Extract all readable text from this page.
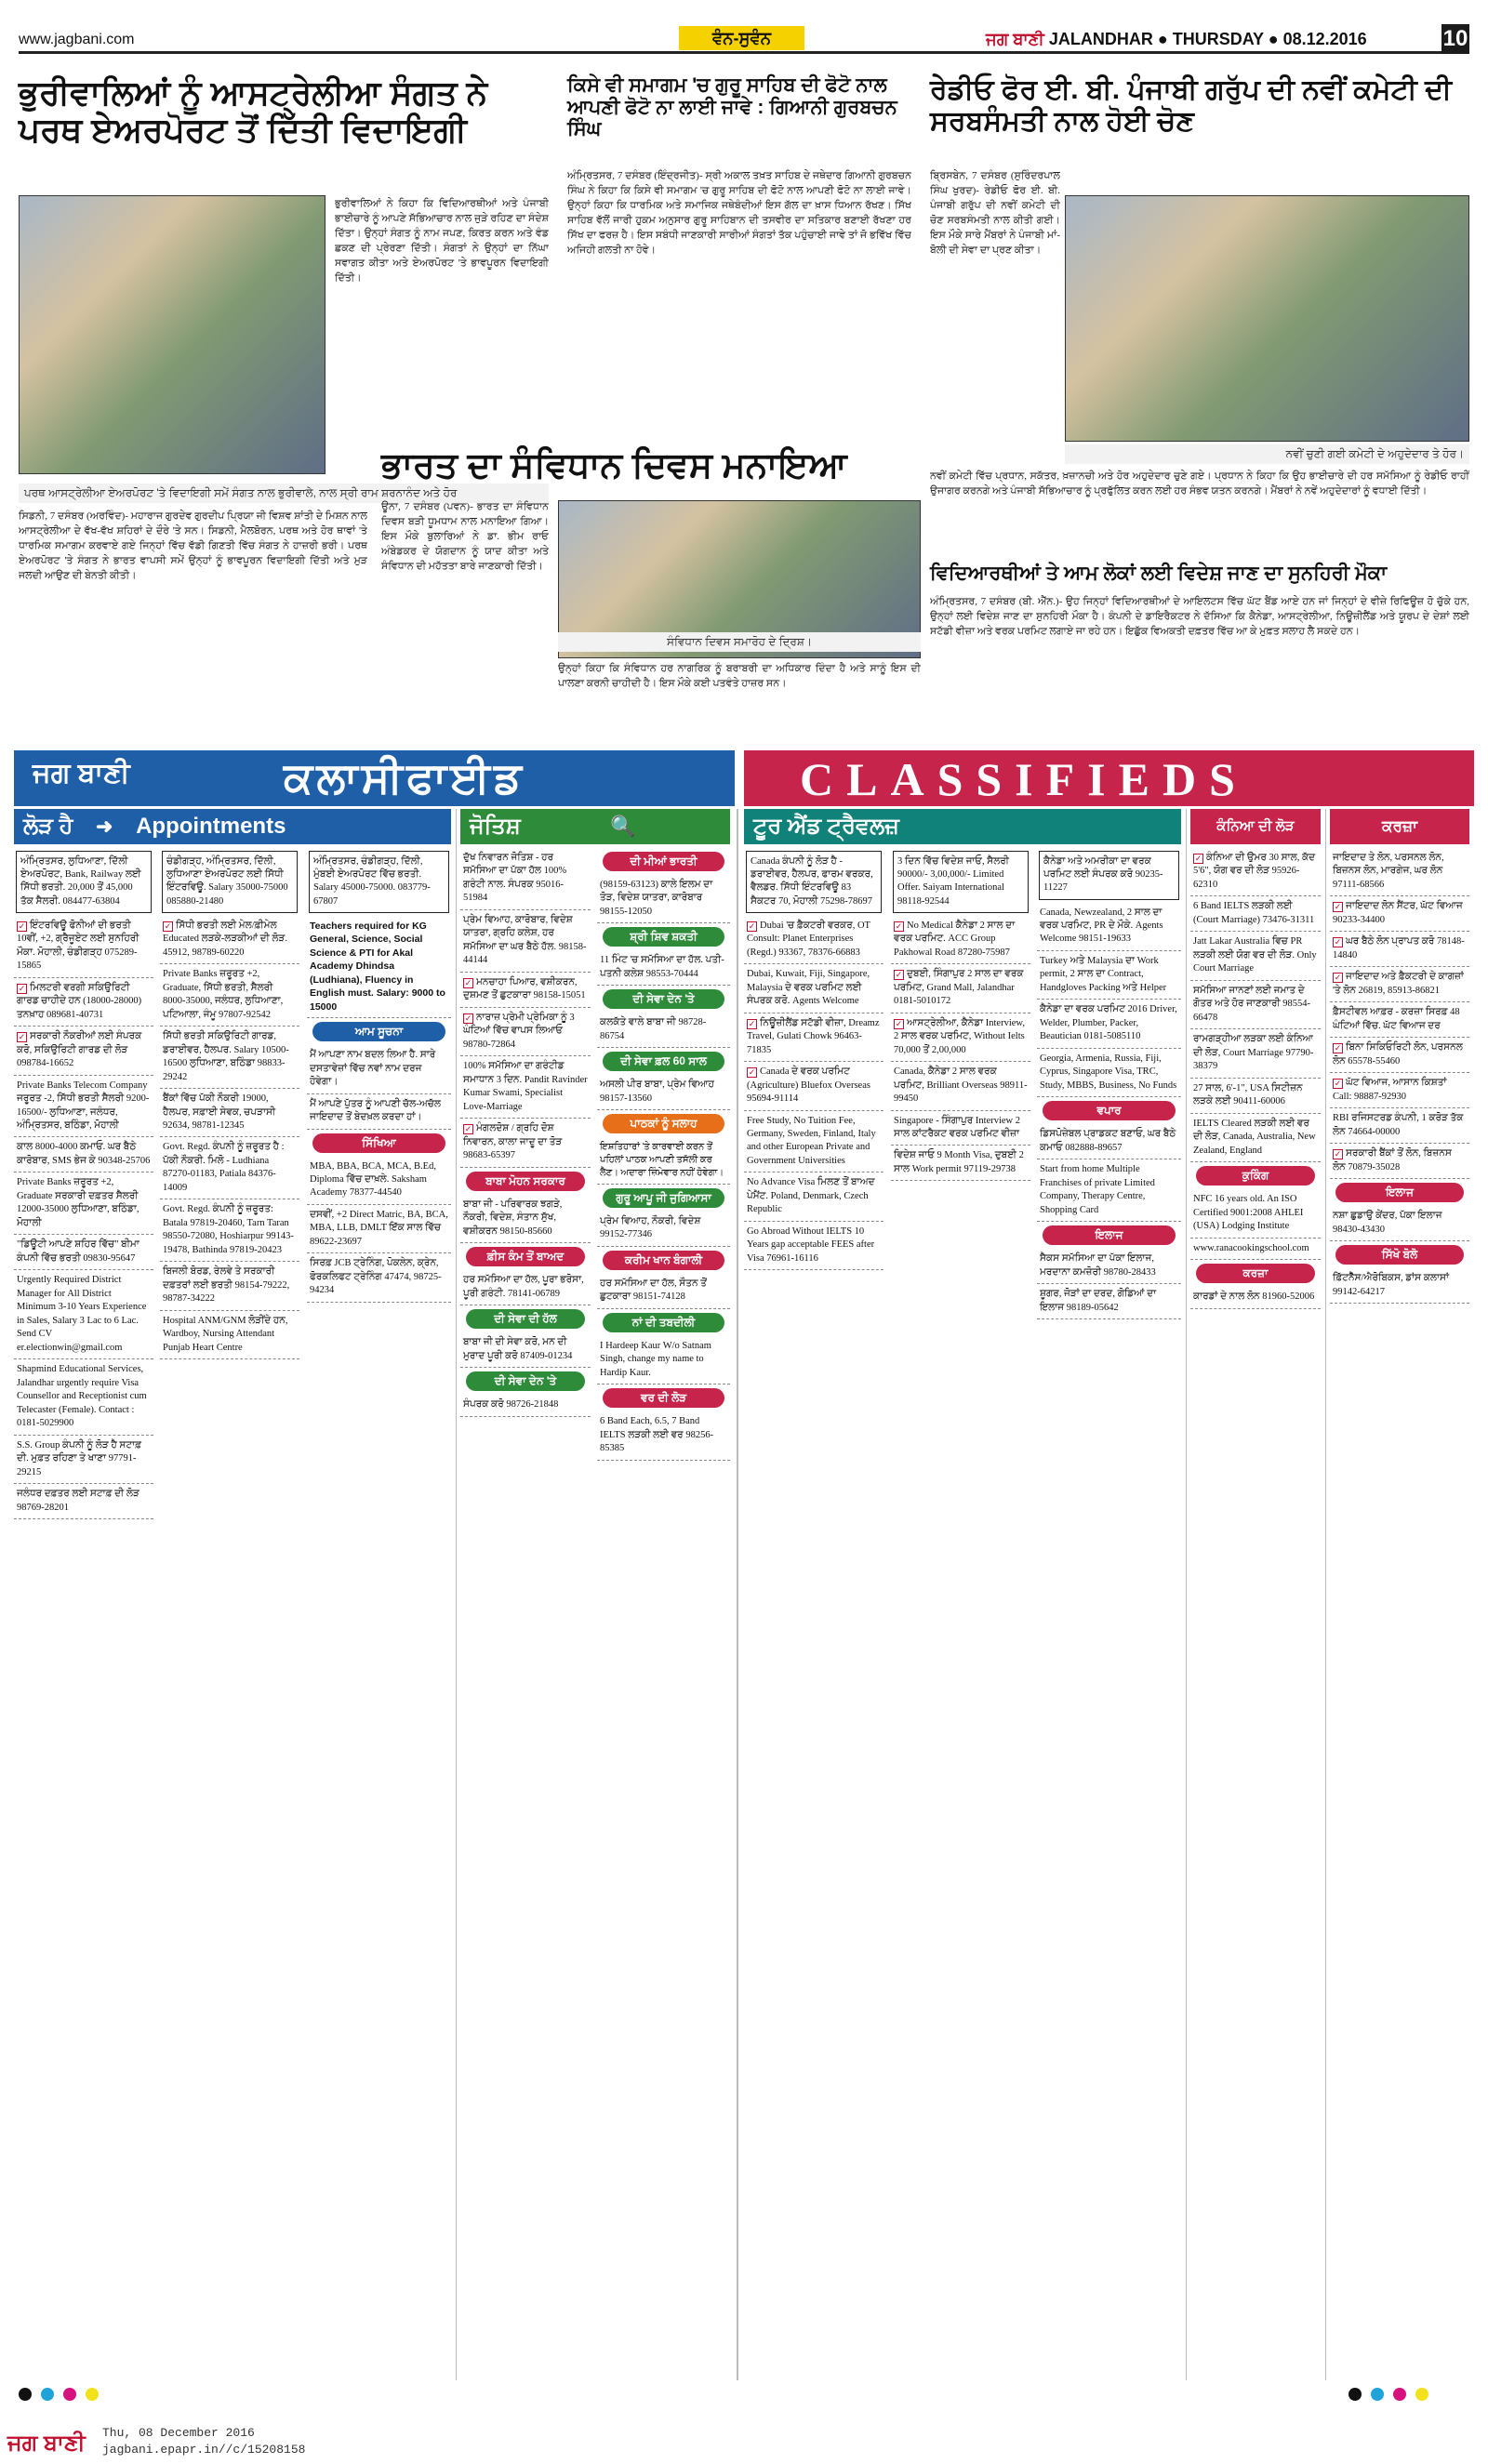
www.jagbani.com	ਵੰਨ-ਸੁਵੰਨ	ਜਗ ਬਾਣੀ JALANDHAR ● THURSDAY ● 08.12.2016	10
ਭੁਰੀਵਾਲਿਆਂ ਨੂੰ ਆਸਟ੍ਰੇਲੀਆ ਸੰਗਤ ਨੇ ਪਰਥ ਏਅਰਪੋਰਟ ਤੋਂ ਦਿੱਤੀ ਵਿਦਾਇਗੀ
ਭੁਰੀਵਾਲਿਆਂ ਨੇ ਕਿਹਾ ਕਿ ਵਿਦਿਆਰਥੀਆਂ ਅਤੇ ਪੰਜਾਬੀ ਭਾਈਚਾਰੇ ਨੂੰ ਆਪਣੇ ਸੱਭਿਆਚਾਰ ਨਾਲ ਜੁੜੇ ਰਹਿਣ ਦਾ ਸੰਦੇਸ਼ ਦਿੱਤਾ। ਉਨ੍ਹਾਂ ਸੰਗਤ ਨੂੰ ਨਾਮ ਜਪਣ, ਕਿਰਤ ਕਰਨ ਅਤੇ ਵੰਡ ਛਕਣ ਦੀ ਪ੍ਰੇਰਣਾ ਦਿੱਤੀ। ਸੰਗਤਾਂ ਨੇ ਉਨ੍ਹਾਂ ਦਾ ਨਿੱਘਾ ਸਵਾਗਤ ਕੀਤਾ ਅਤੇ ਏਅਰਪੋਰਟ 'ਤੇ ਭਾਵਪੂਰਨ ਵਿਦਾਇਗੀ ਦਿੱਤੀ।
ਪਰਥ ਆਸਟ੍ਰੇਲੀਆ ਏਅਰਪੋਰਟ 'ਤੇ ਵਿਦਾਇਗੀ ਸਮੇਂ ਸੰਗਤ ਨਾਲ ਭੁਰੀਵਾਲੇ, ਨਾਲ ਸ੍ਰੀ ਰਾਮ ਸ਼ਰਨਾਨੰਦ ਅਤੇ ਹੋਰ
ਸਿਡਨੀ, 7 ਦਸੰਬਰ (ਅਰਵਿੰਦ)- ਮਹਾਰਾਜ ਗੁਰਦੇਵ ਗੁਰਦੀਪ ਪ੍ਰਿਯਾ ਜੀ ਵਿਸ਼ਵ ਸ਼ਾਂਤੀ ਦੇ ਮਿਸ਼ਨ ਨਾਲ ਆਸਟ੍ਰੇਲੀਆ ਦੇ ਵੱਖ-ਵੱਖ ਸ਼ਹਿਰਾਂ ਦੇ ਦੌਰੇ 'ਤੇ ਸਨ। ਸਿਡਨੀ, ਮੈਲਬੋਰਨ, ਪਰਥ ਅਤੇ ਹੋਰ ਥਾਵਾਂ 'ਤੇ ਧਾਰਮਿਕ ਸਮਾਗਮ ਕਰਵਾਏ ਗਏ ਜਿਨ੍ਹਾਂ ਵਿੱਚ ਵੱਡੀ ਗਿਣਤੀ ਵਿੱਚ ਸੰਗਤ ਨੇ ਹਾਜ਼ਰੀ ਭਰੀ। ਪਰਥ ਏਅਰਪੋਰਟ 'ਤੇ ਸੰਗਤ ਨੇ ਭਾਰਤ ਵਾਪਸੀ ਸਮੇਂ ਉਨ੍ਹਾਂ ਨੂੰ ਭਾਵਪੂਰਨ ਵਿਦਾਇਗੀ ਦਿੱਤੀ ਅਤੇ ਮੁੜ ਜਲਦੀ ਆਉਣ ਦੀ ਬੇਨਤੀ ਕੀਤੀ।
ਕਿਸੇ ਵੀ ਸਮਾਗਮ 'ਚ ਗੁਰੂ ਸਾਹਿਬ ਦੀ ਫੋਟੋ ਨਾਲ ਆਪਣੀ ਫੋਟੋ ਨਾ ਲਾਈ ਜਾਵੇ : ਗਿਆਨੀ ਗੁਰਬਚਨ ਸਿੰਘ
ਅੰਮ੍ਰਿਤਸਰ, 7 ਦਸੰਬਰ (ਇੰਦ੍ਰਜੀਤ)- ਸ੍ਰੀ ਅਕਾਲ ਤਖ਼ਤ ਸਾਹਿਬ ਦੇ ਜਥੇਦਾਰ ਗਿਆਨੀ ਗੁਰਬਚਨ ਸਿੰਘ ਨੇ ਕਿਹਾ ਕਿ ਕਿਸੇ ਵੀ ਸਮਾਗਮ 'ਚ ਗੁਰੂ ਸਾਹਿਬ ਦੀ ਫੋਟੋ ਨਾਲ ਆਪਣੀ ਫੋਟੋ ਨਾ ਲਾਈ ਜਾਵੇ। ਉਨ੍ਹਾਂ ਕਿਹਾ ਕਿ ਧਾਰਮਿਕ ਅਤੇ ਸਮਾਜਿਕ ਜਥੇਬੰਦੀਆਂ ਇਸ ਗੱਲ ਦਾ ਖ਼ਾਸ ਧਿਆਨ ਰੱਖਣ। ਸਿੱਖ ਸਾਹਿਬ ਵੱਲੋਂ ਜਾਰੀ ਹੁਕਮ ਅਨੁਸਾਰ ਗੁਰੂ ਸਾਹਿਬਾਨ ਦੀ ਤਸਵੀਰ ਦਾ ਸਤਿਕਾਰ ਬਣਾਈ ਰੱਖਣਾ ਹਰ ਸਿੱਖ ਦਾ ਫਰਜ਼ ਹੈ। ਇਸ ਸਬੰਧੀ ਜਾਣਕਾਰੀ ਸਾਰੀਆਂ ਸੰਗਤਾਂ ਤੱਕ ਪਹੁੰਚਾਈ ਜਾਵੇ ਤਾਂ ਜੋ ਭਵਿੱਖ ਵਿੱਚ ਅਜਿਹੀ ਗਲਤੀ ਨਾ ਹੋਵੇ।
ਰੇਡੀਓ ਫੋਰ ਈ. ਬੀ. ਪੰਜਾਬੀ ਗਰੁੱਪ ਦੀ ਨਵੀਂ ਕਮੇਟੀ ਦੀ ਸਰਬਸੰਮਤੀ ਨਾਲ ਹੋਈ ਚੋਣ
ਬ੍ਰਿਸਬੇਨ, 7 ਦਸੰਬਰ (ਸੁਰਿੰਦਰਪਾਲ ਸਿੰਘ ਖੁਰਦ)- ਰੇਡੀਓ ਫੋਰ ਈ. ਬੀ. ਪੰਜਾਬੀ ਗਰੁੱਪ ਦੀ ਨਵੀਂ ਕਮੇਟੀ ਦੀ ਚੋਣ ਸਰਬਸੰਮਤੀ ਨਾਲ ਕੀਤੀ ਗਈ। ਇਸ ਮੌਕੇ ਸਾਰੇ ਮੈਂਬਰਾਂ ਨੇ ਪੰਜਾਬੀ ਮਾਂ-ਬੋਲੀ ਦੀ ਸੇਵਾ ਦਾ ਪ੍ਰਣ ਕੀਤਾ।
ਨਵੀਂ ਚੁਣੀ ਗਈ ਕਮੇਟੀ ਦੇ ਅਹੁਦੇਦਾਰ ਤੇ ਹੋਰ।
ਨਵੀਂ ਕਮੇਟੀ ਵਿੱਚ ਪ੍ਰਧਾਨ, ਸਕੱਤਰ, ਖ਼ਜ਼ਾਨਚੀ ਅਤੇ ਹੋਰ ਅਹੁਦੇਦਾਰ ਚੁਣੇ ਗਏ। ਪ੍ਰਧਾਨ ਨੇ ਕਿਹਾ ਕਿ ਉਹ ਭਾਈਚਾਰੇ ਦੀ ਹਰ ਸਮੱਸਿਆ ਨੂੰ ਰੇਡੀਓ ਰਾਹੀਂ ਉਜਾਗਰ ਕਰਨਗੇ ਅਤੇ ਪੰਜਾਬੀ ਸੱਭਿਆਚਾਰ ਨੂੰ ਪ੍ਰਫੁੱਲਿਤ ਕਰਨ ਲਈ ਹਰ ਸੰਭਵ ਯਤਨ ਕਰਨਗੇ। ਮੈਂਬਰਾਂ ਨੇ ਨਵੇਂ ਅਹੁਦੇਦਾਰਾਂ ਨੂੰ ਵਧਾਈ ਦਿੱਤੀ।
ਭਾਰਤ ਦਾ ਸੰਵਿਧਾਨ ਦਿਵਸ ਮਨਾਇਆ
ਊਨਾ, 7 ਦਸੰਬਰ (ਪਵਨ)- ਭਾਰਤ ਦਾ ਸੰਵਿਧਾਨ ਦਿਵਸ ਬੜੀ ਧੂਮਧਾਮ ਨਾਲ ਮਨਾਇਆ ਗਿਆ। ਇਸ ਮੌਕੇ ਬੁਲਾਰਿਆਂ ਨੇ ਡਾ. ਭੀਮ ਰਾਓ ਅੰਬੇਡਕਰ ਦੇ ਯੋਗਦਾਨ ਨੂੰ ਯਾਦ ਕੀਤਾ ਅਤੇ ਸੰਵਿਧਾਨ ਦੀ ਮਹੱਤਤਾ ਬਾਰੇ ਜਾਣਕਾਰੀ ਦਿੱਤੀ।
ਸੰਵਿਧਾਨ ਦਿਵਸ ਸਮਾਰੋਹ ਦੇ ਦ੍ਰਿਸ਼।
ਉਨ੍ਹਾਂ ਕਿਹਾ ਕਿ ਸੰਵਿਧਾਨ ਹਰ ਨਾਗਰਿਕ ਨੂੰ ਬਰਾਬਰੀ ਦਾ ਅਧਿਕਾਰ ਦਿੰਦਾ ਹੈ ਅਤੇ ਸਾਨੂੰ ਇਸ ਦੀ ਪਾਲਣਾ ਕਰਨੀ ਚਾਹੀਦੀ ਹੈ। ਇਸ ਮੌਕੇ ਕਈ ਪਤਵੰਤੇ ਹਾਜ਼ਰ ਸਨ।
ਵਿਦਿਆਰਥੀਆਂ ਤੇ ਆਮ ਲੋਕਾਂ ਲਈ ਵਿਦੇਸ਼ ਜਾਣ ਦਾ ਸੁਨਹਿਰੀ ਮੌਕਾ
ਅੰਮ੍ਰਿਤਸਰ, 7 ਦਸੰਬਰ (ਬੀ. ਐੱਨ.)- ਉਹ ਜਿਨ੍ਹਾਂ ਵਿਦਿਆਰਥੀਆਂ ਦੇ ਆਇਲਟਸ ਵਿੱਚ ਘੱਟ ਬੈਂਡ ਆਏ ਹਨ ਜਾਂ ਜਿਨ੍ਹਾਂ ਦੇ ਵੀਜ਼ੇ ਰਿਫਿਊਜ਼ ਹੋ ਚੁੱਕੇ ਹਨ, ਉਨ੍ਹਾਂ ਲਈ ਵਿਦੇਸ਼ ਜਾਣ ਦਾ ਸੁਨਹਿਰੀ ਮੌਕਾ ਹੈ। ਕੰਪਨੀ ਦੇ ਡਾਇਰੈਕਟਰ ਨੇ ਦੱਸਿਆ ਕਿ ਕੈਨੇਡਾ, ਆਸਟ੍ਰੇਲੀਆ, ਨਿਊਜ਼ੀਲੈਂਡ ਅਤੇ ਯੂਰਪ ਦੇ ਦੇਸ਼ਾਂ ਲਈ ਸਟੱਡੀ ਵੀਜ਼ਾ ਅਤੇ ਵਰਕ ਪਰਮਿਟ ਲਗਾਏ ਜਾ ਰਹੇ ਹਨ। ਇਛੁੱਕ ਵਿਅਕਤੀ ਦਫ਼ਤਰ ਵਿੱਚ ਆ ਕੇ ਮੁਫ਼ਤ ਸਲਾਹ ਲੈ ਸਕਦੇ ਹਨ।
ਜਗ ਬਾਣੀ	ਕਲਾਸੀਫਾਈਡ	CLASSIFIEDS
ਲੋੜ ਹੈ ➜ Appointments	ਜੋਤਿਸ਼	🔍	ਟੂਰ ਐਂਡ ਟ੍ਰੈਵਲਜ਼	ਕੰਨਿਆ ਦੀ ਲੋੜ	ਕਰਜ਼ਾ
ਅੰਮ੍ਰਿਤਸਰ, ਲੁਧਿਆਣਾ, ਦਿੱਲੀ ਏਅਰਪੋਰਟ, Bank, Railway ਲਈ ਸਿੱਧੀ ਭਰਤੀ. 20,000 ਤੋਂ 45,000 ਤੱਕ ਸੈਲਰੀ. 084477-63804
✓ ਇੰਟਰਵਿਊ ਫੋਨੀਆਂ ਦੀ ਭਰਤੀ 10ਵੀਂ, +2, ਗ੍ਰੈਜੂਏਟ ਲਈ ਸੁਨਹਿਰੀ ਮੌਕਾ. ਮੋਹਾਲੀ, ਚੰਡੀਗੜ੍ਹ 075289-15865
✓ ਮਿਲਟਰੀ ਵਰਗੀ ਸਕਿਉਰਿਟੀ ਗਾਰਡ ਚਾਹੀਦੇ ਹਨ (18000-28000) ਤਨਖ਼ਾਹ 089681-40731
✓ ਸਰਕਾਰੀ ਨੌਕਰੀਆਂ ਲਈ ਸੰਪਰਕ ਕਰੋ, ਸਕਿਉਰਿਟੀ ਗਾਰਡ ਦੀ ਲੋੜ 098784-16652
Private Banks Telecom Company ਜਰੂਰਤ -2, ਸਿੱਧੀ ਭਰਤੀ ਸੈਲਰੀ 9200-16500/- ਲੁਧਿਆਣਾ, ਜਲੰਧਰ, ਅੰਮ੍ਰਿਤਸਰ, ਬਠਿੰਡਾ, ਮੋਹਾਲੀ
ਕਾਲ 8000-4000 ਕਮਾਓ. ਘਰ ਬੈਠੇ ਕਾਰੋਬਾਰ, SMS ਭੇਜ ਕੇ 90348-25706
Private Banks ਜ਼ਰੂਰਤ +2, Graduate ਸਰਕਾਰੀ ਦਫ਼ਤਰ ਸੈਲਰੀ 12000-35000 ਲੁਧਿਆਣਾ, ਬਠਿੰਡਾ, ਮੋਹਾਲੀ
"ਡਿਊਟੀ ਆਪਣੇ ਸ਼ਹਿਰ ਵਿੱਚ" ਬੀਮਾ ਕੰਪਨੀ ਵਿੱਚ ਭਰਤੀ 09830-95647
Urgently Required District Manager for All District Minimum 3-10 Years Experience in Sales, Salary 3 Lac to 6 Lac. Send CV er.electionwin@gmail.com
Shapmind Educational Services, Jalandhar urgently require Visa Counsellor and Receptionist cum Telecaster (Female). Contact : 0181-5029900
S.S. Group ਕੰਪਨੀ ਨੂੰ ਲੋੜ ਹੈ ਸਟਾਫ਼ ਦੀ. ਮੁਫ਼ਤ ਰਹਿਣਾ ਤੇ ਖਾਣਾ 97791-29215
ਜਲੰਧਰ ਦਫ਼ਤਰ ਲਈ ਸਟਾਫ਼ ਦੀ ਲੋੜ 98769-28201
ਚੰਡੀਗੜ੍ਹ, ਅੰਮ੍ਰਿਤਸਰ, ਦਿੱਲੀ, ਲੁਧਿਆਣਾ ਏਅਰਪੋਰਟ ਲਈ ਸਿੱਧੀ ਇੰਟਰਵਿਊ. Salary 35000-75000 085880-21480
✓ ਸਿੱਧੀ ਭਰਤੀ ਲਈ ਮੇਲ/ਫ਼ੀਮੇਲ Educated ਲੜਕੇ-ਲੜਕੀਆਂ ਦੀ ਲੋੜ. 45912, 98789-60220
Private Banks ਜ਼ਰੂਰਤ +2, Graduate, ਸਿੱਧੀ ਭਰਤੀ, ਸੈਲਰੀ 8000-35000, ਜਲੰਧਰ, ਲੁਧਿਆਣਾ, ਪਟਿਆਲਾ, ਜੰਮੂ 97807-92542
ਸਿੱਧੀ ਭਰਤੀ ਸਕਿਉਰਿਟੀ ਗਾਰਡ, ਡਰਾਈਵਰ, ਹੈਲਪਰ. Salary 10500-16500 ਲੁਧਿਆਣਾ, ਬਠਿੰਡਾ 98833-29242
ਬੈਂਕਾਂ ਵਿੱਚ ਪੱਕੀ ਨੌਕਰੀ 19000, ਹੈਲਪਰ, ਸਫ਼ਾਈ ਸੇਵਕ, ਚਪੜਾਸੀ 92634, 98781-12345
Govt. Regd. ਕੰਪਨੀ ਨੂੰ ਜ਼ਰੂਰਤ ਹੈ : ਪੱਕੀ ਨੌਕਰੀ. ਮਿਲੋ - Ludhiana 87270-01183, Patiala 84376-14009
Govt. Regd. ਕੰਪਨੀ ਨੂੰ ਜ਼ਰੂਰਤ: Batala 97819-20460, Tarn Taran 98550-72080, Hoshiarpur 99143-19478, Bathinda 97819-20423
ਬਿਜਲੀ ਬੋਰਡ, ਰੇਲਵੇ ਤੇ ਸਰਕਾਰੀ ਦਫ਼ਤਰਾਂ ਲਈ ਭਰਤੀ 98154-79222, 98787-34222
Hospital ANM/GNM ਲੋੜੀਂਦੇ ਹਨ, Wardboy, Nursing Attendant Punjab Heart Centre
ਅੰਮ੍ਰਿਤਸਰ, ਚੰਡੀਗੜ੍ਹ, ਦਿੱਲੀ, ਮੁੰਬਈ ਏਅਰਪੋਰਟ ਵਿੱਚ ਭਰਤੀ. Salary 45000-75000. 083779-67807
Teachers required for KG General, Science, Social Science & PTI for Akal Academy Dhindsa (Ludhiana), Fluency in English must. Salary: 9000 to 15000
ਆਮ ਸੂਚਨਾ
ਮੈਂ ਆਪਣਾ ਨਾਮ ਬਦਲ ਲਿਆ ਹੈ. ਸਾਰੇ ਦਸਤਾਵੇਜ਼ਾਂ ਵਿੱਚ ਨਵਾਂ ਨਾਮ ਦਰਜ ਹੋਵੇਗਾ।
ਮੈਂ ਆਪਣੇ ਪੁੱਤਰ ਨੂੰ ਆਪਣੀ ਚੱਲ-ਅਚੱਲ ਜਾਇਦਾਦ ਤੋਂ ਬੇਦਖ਼ਲ ਕਰਦਾ ਹਾਂ।
ਸਿੱਖਿਆ
MBA, BBA, BCA, MCA, B.Ed, Diploma ਵਿੱਚ ਦਾਖ਼ਲੇ. Saksham Academy 78377-44540
ਦਸਵੀਂ, +2 Direct Matric, BA, BCA, MBA, LLB, DMLT ਇੱਕ ਸਾਲ ਵਿੱਚ 89622-23697
ਸਿਰਫ਼ JCB ਟ੍ਰੇਨਿੰਗ, ਪੋਕਲੇਨ, ਕ੍ਰੇਨ, ਫੋਰਕਲਿਫਟ ਟ੍ਰੇਨਿੰਗ 47474, 98725-94234
ਦੁੱਖ ਨਿਵਾਰਨ ਜੋਤਿਸ਼ - ਹਰ ਸਮੱਸਿਆ ਦਾ ਪੱਕਾ ਹੱਲ 100% ਗਰੰਟੀ ਨਾਲ. ਸੰਪਰਕ 95016-51984
ਪ੍ਰੇਮ ਵਿਆਹ, ਕਾਰੋਬਾਰ, ਵਿਦੇਸ਼ ਯਾਤਰਾ, ਗ੍ਰਹਿ ਕਲੇਸ਼, ਹਰ ਸਮੱਸਿਆ ਦਾ ਘਰ ਬੈਠੇ ਹੱਲ. 98158-44144
✓ ਮਨਚਾਹਾ ਪਿਆਰ, ਵਸ਼ੀਕਰਨ, ਦੁਸ਼ਮਣ ਤੋਂ ਛੁਟਕਾਰਾ 98158-15051
✓ ਨਾਰਾਜ਼ ਪ੍ਰੇਮੀ ਪ੍ਰੇਮਿਕਾ ਨੂੰ 3 ਘੰਟਿਆਂ ਵਿੱਚ ਵਾਪਸ ਲਿਆਓ 98780-72864
100% ਸਮੱਸਿਆ ਦਾ ਗਰੰਟੀਡ ਸਮਾਧਾਨ 3 ਦਿਨ. Pandit Ravinder Kumar Swami, Specialist Love-Marriage
✓ ਮੰਗਲਦੋਸ਼ / ਗ੍ਰਹਿ ਦੋਸ਼ ਨਿਵਾਰਨ, ਕਾਲਾ ਜਾਦੂ ਦਾ ਤੋੜ 98683-65397
ਬਾਬਾ ਮੋਹਨ ਸਰਕਾਰ
ਬਾਬਾ ਜੀ - ਪਰਿਵਾਰਕ ਝਗੜੇ, ਨੌਕਰੀ, ਵਿਦੇਸ਼, ਸੰਤਾਨ ਸੁੱਖ, ਵਸ਼ੀਕਰਨ 98150-85660
ਫ਼ੀਸ ਕੰਮ ਤੋਂ ਬਾਅਦ
ਹਰ ਸਮੱਸਿਆ ਦਾ ਹੱਲ, ਪੂਰਾ ਭਰੋਸਾ, ਪੂਰੀ ਗਰੰਟੀ. 78141-06789
ਦੀ ਸੇਵਾ ਦੀ ਹੱਲ
ਬਾਬਾ ਜੀ ਦੀ ਸੇਵਾ ਕਰੋ, ਮਨ ਦੀ ਮੁਰਾਦ ਪੂਰੀ ਕਰੋ 87409-01234
ਦੀ ਸੇਵਾ ਦੇਨ 'ਤੇ
ਸੰਪਰਕ ਕਰੋ 98726-21848
ਦੀ ਮੀਆਂ ਭਾਰਤੀ
(98159-63123) ਕਾਲੇ ਇਲਮ ਦਾ ਤੋੜ, ਵਿਦੇਸ਼ ਯਾਤਰਾ, ਕਾਰੋਬਾਰ 98155-12050
ਸ਼੍ਰੀ ਸ਼ਿਵ ਸ਼ਕਤੀ
11 ਮਿੰਟ 'ਚ ਸਮੱਸਿਆ ਦਾ ਹੱਲ. ਪਤੀ-ਪਤਨੀ ਕਲੇਸ਼ 98553-70444
ਦੀ ਸੇਵਾ ਦੇਨ 'ਤੇ
ਕਲਕੱਤੇ ਵਾਲੇ ਬਾਬਾ ਜੀ 98728-86754
ਦੀ ਸੇਵਾ ਫ਼ਲ 60 ਸਾਲ
ਅਸਲੀ ਪੀਰ ਬਾਬਾ, ਪ੍ਰੇਮ ਵਿਆਹ 98157-13560
ਪਾਠਕਾਂ ਨੂੰ ਸਲਾਹ
ਇਸ਼ਤਿਹਾਰਾਂ 'ਤੇ ਕਾਰਵਾਈ ਕਰਨ ਤੋਂ ਪਹਿਲਾਂ ਪਾਠਕ ਆਪਣੀ ਤਸੱਲੀ ਕਰ ਲੈਣ। ਅਦਾਰਾ ਜ਼ਿੰਮੇਵਾਰ ਨਹੀਂ ਹੋਵੇਗਾ।
ਗੁਰੂ ਆਪੂ ਜੀ ਜੁਗਿਆਸਾ
ਪ੍ਰੇਮ ਵਿਆਹ, ਨੌਕਰੀ, ਵਿਦੇਸ਼ 99152-77346
ਕਰੀਮ ਖਾਨ ਬੰਗਾਲੀ
ਹਰ ਸਮੱਸਿਆ ਦਾ ਹੱਲ, ਸੌਤਨ ਤੋਂ ਛੁਟਕਾਰਾ 98151-74128
ਨਾਂ ਦੀ ਤਬਦੀਲੀ
I Hardeep Kaur W/o Satnam Singh, change my name to Hardip Kaur.
ਵਰ ਦੀ ਲੋੜ
6 Band Each, 6.5, 7 Band IELTS ਲੜਕੀ ਲਈ ਵਰ 98256-85385
Canada ਕੰਪਨੀ ਨੂੰ ਲੋੜ ਹੈ - ਡਰਾਈਵਰ, ਹੈਲਪਰ, ਫਾਰਮ ਵਰਕਰ, ਵੈਲਡਰ. ਸਿੱਧੀ ਇੰਟਰਵਿਊ 83 ਸੈਕਟਰ 70, ਮੋਹਾਲੀ 75298-78697
✓ Dubai 'ਚ ਫ਼ੈਕਟਰੀ ਵਰਕਰ, OT Consult: Planet Enterprises (Regd.) 93367, 78376-66883
Dubai, Kuwait, Fiji, Singapore, Malaysia ਦੇ ਵਰਕ ਪਰਮਿਟ ਲਈ ਸੰਪਰਕ ਕਰੋ. Agents Welcome
✓ ਨਿਊਜ਼ੀਲੈਂਡ ਸਟੱਡੀ ਵੀਜ਼ਾ, Dreamz Travel, Gulati Chowk 96463-71835
✓ Canada ਦੇ ਵਰਕ ਪਰਮਿਟ (Agriculture) Bluefox Overseas 95694-91114
Free Study, No Tuition Fee, Germany, Sweden, Finland, Italy and other European Private and Government Universities
No Advance Visa ਮਿਲਣ ਤੋਂ ਬਾਅਦ ਪੇਮੈਂਟ. Poland, Denmark, Czech Republic
Go Abroad Without IELTS 10 Years gap acceptable FEES after Visa 76961-16116
3 ਦਿਨ ਵਿੱਚ ਵਿਦੇਸ਼ ਜਾਓ, ਸੈਲਰੀ 90000/- 3,00,000/- Limited Offer. Saiyam International 98118-92544
✓ No Medical ਕੈਨੇਡਾ 2 ਸਾਲ ਦਾ ਵਰਕ ਪਰਮਿਟ. ACC Group Pakhowal Road 87280-75987
✓ ਦੁਬਈ, ਸਿੰਗਾਪੁਰ 2 ਸਾਲ ਦਾ ਵਰਕ ਪਰਮਿਟ, Grand Mall, Jalandhar 0181-5010172
✓ ਆਸਟ੍ਰੇਲੀਆ, ਕੈਨੇਡਾ Interview, 2 ਸਾਲ ਵਰਕ ਪਰਮਿਟ, Without Ielts 70,000 ਤੋਂ 2,00,000
Canada, ਕੈਨੇਡਾ 2 ਸਾਲ ਵਰਕ ਪਰਮਿਟ, Brilliant Overseas 98911-99450
Singapore - ਸਿੰਗਾਪੁਰ Interview 2 ਸਾਲ ਕਾਂਟਰੈਕਟ ਵਰਕ ਪਰਮਿਟ ਵੀਜ਼ਾ
ਵਿਦੇਸ਼ ਜਾਓ 9 Month Visa, ਦੁਬਈ 2 ਸਾਲ Work permit 97119-29738
ਕੈਨੇਡਾ ਅਤੇ ਅਮਰੀਕਾ ਦਾ ਵਰਕ ਪਰਮਿਟ ਲਈ ਸੰਪਰਕ ਕਰੋ 90235-11227
Canada, Newzealand, 2 ਸਾਲ ਦਾ ਵਰਕ ਪਰਮਿਟ, PR ਦੇ ਮੌਕੇ. Agents Welcome 98151-19633
Turkey ਅਤੇ Malaysia ਦਾ Work permit, 2 ਸਾਲ ਦਾ Contract, Handgloves Packing ਅਤੇ Helper
ਕੈਨੇਡਾ ਦਾ ਵਰਕ ਪਰਮਿਟ 2016 Driver, Welder, Plumber, Packer, Beautician 0181-5085110
Georgia, Armenia, Russia, Fiji, Cyprus, Singapore Visa, TRC, Study, MBBS, Business, No Funds
ਵਪਾਰ
ਡਿਸਪੋਜ਼ੇਬਲ ਪ੍ਰਾਡਕਟ ਬਣਾਓ, ਘਰ ਬੈਠੇ ਕਮਾਓ 082888-89657
Start from home Multiple Franchises of private Limited Company, Therapy Centre, Shopping Card
ਇਲਾਜ
ਸੈਕਸ ਸਮੱਸਿਆ ਦਾ ਪੱਕਾ ਇਲਾਜ, ਮਰਦਾਨਾ ਕਮਜ਼ੋਰੀ 98780-28433
ਸ਼ੂਗਰ, ਜੋੜਾਂ ਦਾ ਦਰਦ, ਗੋਡਿਆਂ ਦਾ ਇਲਾਜ 98189-05642
✓ ਕੰਨਿਆ ਦੀ ਉਮਰ 30 ਸਾਲ, ਕੱਦ 5'6", ਯੋਗ ਵਰ ਦੀ ਲੋੜ 95926-62310
6 Band IELTS ਲੜਕੀ ਲਈ (Court Marriage) 73476-31311
Jatt Lakar Australia ਵਿਚ PR ਲੜਕੀ ਲਈ ਯੋਗ ਵਰ ਦੀ ਲੋੜ. Only Court Marriage
ਸਮੱਸਿਆ ਜਾਨਣਾਂ ਲਈ ਜਮਾਤ ਦੇ ਗੋਤਰ ਅਤੇ ਹੋਰ ਜਾਣਕਾਰੀ 98554-66478
ਰਾਮਗੜ੍ਹੀਆ ਲੜਕਾ ਲਈ ਕੰਨਿਆ ਦੀ ਲੋੜ, Court Marriage 97790-38379
27 ਸਾਲ, 6'-1", USA ਸਿਟੀਜ਼ਨ ਲੜਕੇ ਲਈ 90411-60006
IELTS Cleared ਲੜਕੀ ਲਈ ਵਰ ਦੀ ਲੋੜ, Canada, Australia, New Zealand, England
ਕੁਕਿੰਗ
NFC 16 years old. An ISO Certified 9001:2008 AHLEI (USA) Lodging Institute
www.ranacookingschool.com
ਕਰਜ਼ਾ
ਕਾਰਡਾਂ ਦੇ ਨਾਲ ਲੋਨ 81960-52006
ਜਾਇਦਾਦ ਤੇ ਲੋਨ, ਪਰਸਨਲ ਲੋਨ, ਬਿਜ਼ਨਸ ਲੋਨ, ਮਾਰਗੇਜ, ਘਰ ਲੋਨ 97111-68566
✓ ਜਾਇਦਾਦ ਲੋਨ ਸੈਂਟਰ, ਘੱਟ ਵਿਆਜ 90233-34400
✓ ਘਰ ਬੈਠੇ ਲੋਨ ਪ੍ਰਾਪਤ ਕਰੋ 78148-14840
✓ ਜਾਇਦਾਦ ਅਤੇ ਫ਼ੈਕਟਰੀ ਦੇ ਕਾਗਜ਼ਾਂ 'ਤੇ ਲੋਨ 26819, 85913-86821
ਫ਼ੈਸਟੀਵਲ ਆਫ਼ਰ - ਕਰਜ਼ਾ ਸਿਰਫ਼ 48 ਘੰਟਿਆਂ ਵਿੱਚ. ਘੱਟ ਵਿਆਜ ਦਰ
✓ ਬਿਨਾ ਸਿਕਿਓਰਿਟੀ ਲੋਨ, ਪਰਸਨਲ ਲੋਨ 65578-55460
✓ ਘੱਟ ਵਿਆਜ, ਆਸਾਨ ਕਿਸ਼ਤਾਂ Call: 98887-92930
RBI ਰਜਿਸਟਰਡ ਕੰਪਨੀ, 1 ਕਰੋੜ ਤੱਕ ਲੋਨ 74664-00000
✓ ਸਰਕਾਰੀ ਬੈਂਕਾਂ ਤੋਂ ਲੋਨ, ਬਿਜ਼ਨਸ ਲੋਨ 70879-35028
ਇਲਾਜ
ਨਸ਼ਾ ਛੁਡਾਉ ਕੇਂਦਰ, ਪੱਕਾ ਇਲਾਜ 98430-43430
ਸਿੱਖੋ ਬੋਲੋ
ਫ਼ਿੱਟਨੈੱਸ/ਐਰੋਬਿਕਸ, ਡਾਂਸ ਕਲਾਸਾਂ 99142-64217

ਜਗ ਬਾਣੀ Thu, 08 December 2016
jagbani.epapr.in//c/15208158
